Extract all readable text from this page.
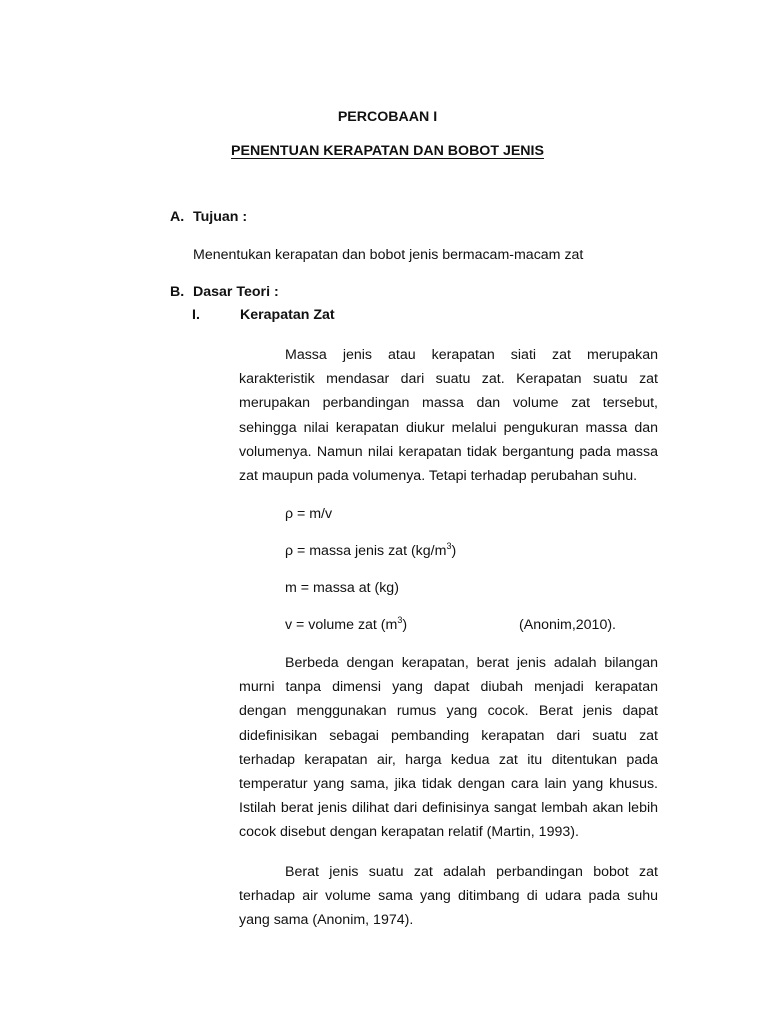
PERCOBAAN I
PENENTUAN KERAPATAN DAN BOBOT JENIS
A. Tujuan :
Menentukan kerapatan dan bobot jenis bermacam-macam zat
B. Dasar Teori :
I.	Kerapatan Zat
Massa jenis atau kerapatan siati zat merupakan karakteristik mendasar dari suatu zat. Kerapatan suatu zat merupakan perbandingan massa dan volume zat tersebut, sehingga nilai kerapatan diukur melalui pengukuran massa dan volumenya. Namun nilai kerapatan tidak bergantung pada massa zat maupun pada volumenya. Tetapi terhadap perubahan suhu.
ρ = m/v
ρ = massa jenis zat $(kg/m^3)$
m = massa at (kg)
v = volume zat $(m^3)$	(Anonim,2010).
Berbeda dengan kerapatan, berat jenis adalah bilangan murni tanpa dimensi yang dapat diubah menjadi kerapatan dengan menggunakan rumus yang cocok. Berat jenis dapat didefinisikan sebagai pembanding kerapatan dari suatu zat terhadap kerapatan air, harga kedua zat itu ditentukan pada temperatur yang sama, jika tidak dengan cara lain yang khusus. Istilah berat jenis dilihat dari definisinya sangat lembah akan lebih cocok disebut dengan kerapatan relatif (Martin, 1993).
Berat jenis suatu zat adalah perbandingan bobot zat terhadap air volume sama yang ditimbang di udara pada suhu yang sama (Anonim, 1974).
